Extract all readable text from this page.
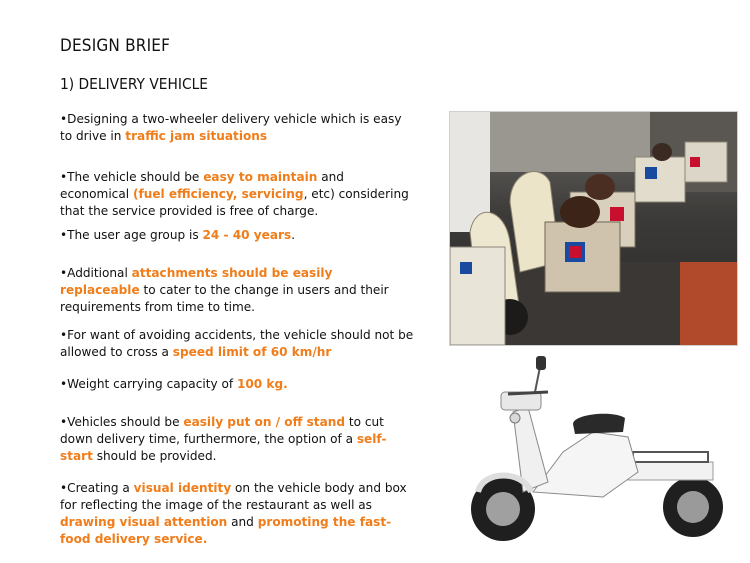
DESIGN BRIEF
1) DELIVERY VEHICLE

•Designing a two-wheeler delivery vehicle which is easy to drive in traffic jam situations

•The vehicle should be easy to maintain and economical (fuel efficiency, servicing, etc) considering that the service provided is free of charge.

•The user age group is 24 - 40 years.

•Additional attachments should be easily replaceable to cater to the change in users and their requirements from time to time.

•For want of avoiding accidents, the vehicle should not be allowed to cross a speed limit of 60 km/hr

•Weight carrying capacity of 100 kg.

•Vehicles should be easily put on / off stand to cut down delivery time, furthermore, the option of a self-start should be provided.

•Creating a visual identity on the vehicle body and box for reflecting the image of the restaurant as well as drawing visual attention and promoting the fast-food delivery service.
